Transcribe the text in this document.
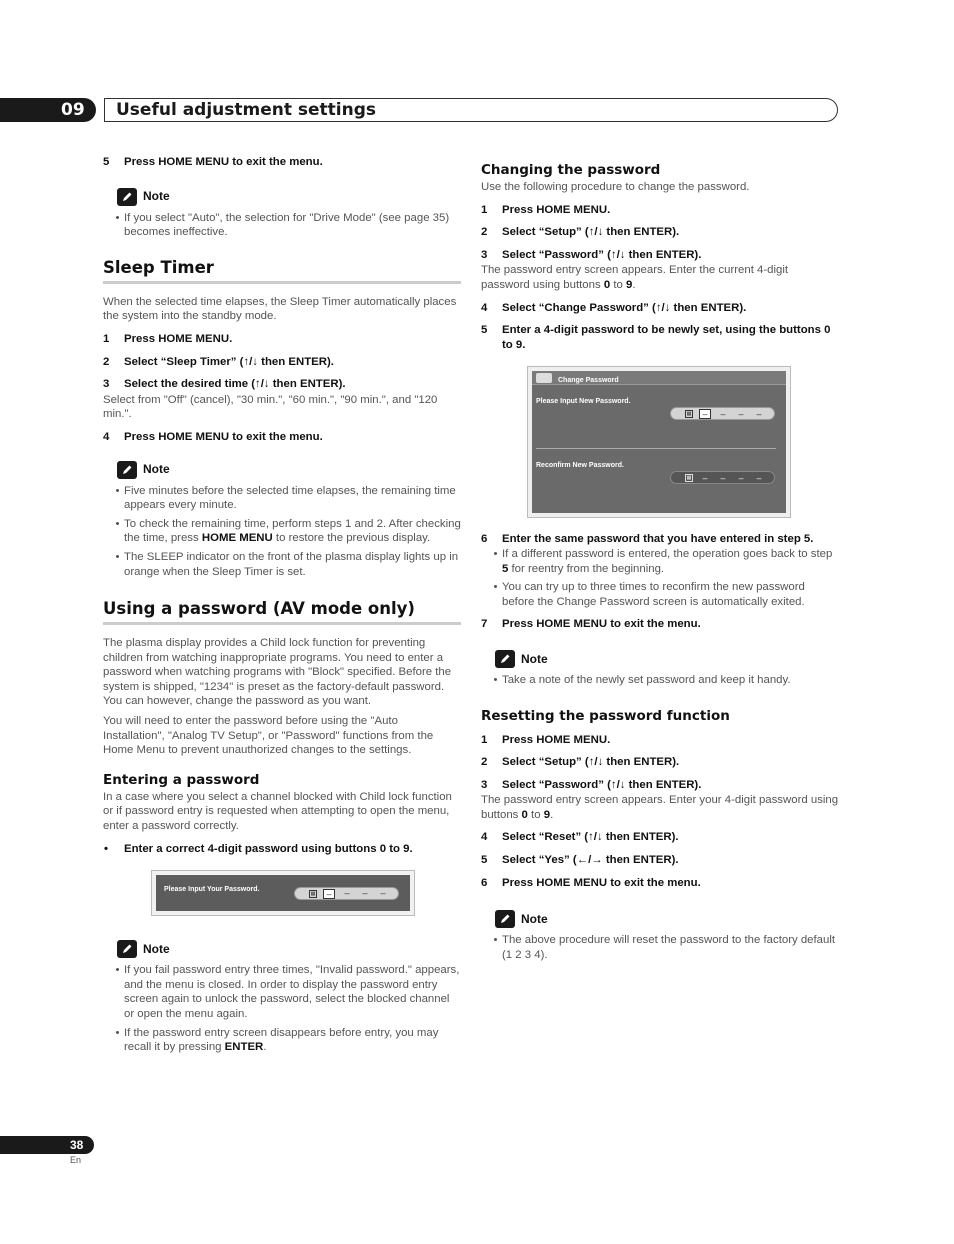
09 Useful adjustment settings
5	Press HOME MENU to exit the menu.
Note
• If you select "Auto", the selection for "Drive Mode" (see page 35) becomes ineffective.
Sleep Timer
When the selected time elapses, the Sleep Timer automatically places the system into the standby mode.
1	Press HOME MENU.
2	Select “Sleep Timer” (↑/↓ then ENTER).
3	Select the desired time (↑/↓ then ENTER).
Select from "Off" (cancel), "30 min.", "60 min.", "90 min.", and "120 min.".
4	Press HOME MENU to exit the menu.
Note
• Five minutes before the selected time elapses, the remaining time appears every minute.
• To check the remaining time, perform steps 1 and 2. After checking the time, press HOME MENU to restore the previous display.
• The SLEEP indicator on the front of the plasma display lights up in orange when the Sleep Timer is set.
Using a password (AV mode only)
The plasma display provides a Child lock function for preventing children from watching inappropriate programs. You need to enter a password when watching programs with "Block" specified. Before the system is shipped, "1234" is preset as the factory-default password. You can however, change the password as you want.
You will need to enter the password before using the "Auto Installation", "Analog TV Setup", or "Password" functions from the Home Menu to prevent unauthorized changes to the settings.
Entering a password
In a case where you select a channel blocked with Child lock function or if password entry is requested when attempting to open the menu, enter a password correctly.
•	Enter a correct 4-digit password using buttons 0 to 9.
Please Input Your Password.
▦	–	–	–	–
Note
• If you fail password entry three times, "Invalid password." appears, and the menu is closed. In order to display the password entry screen again to unlock the password, select the blocked channel or open the menu again.
• If the password entry screen disappears before entry, you may recall it by pressing ENTER.
Changing the password
Use the following procedure to change the password.
1	Press HOME MENU.
2	Select “Setup” (↑/↓ then ENTER).
3	Select “Password” (↑/↓ then ENTER).
The password entry screen appears. Enter the current 4-digit password using buttons 0 to 9.
4	Select “Change Password” (↑/↓ then ENTER).
5	Enter a 4-digit password to be newly set, using the buttons 0 to 9.
Change Password
Please Input New Password.
▦	–	–	–	–
Reconfirm New Password.
▦	–	–	–	–
6	Enter the same password that you have entered in step 5.
• If a different password is entered, the operation goes back to step 5 for reentry from the beginning.
• You can try up to three times to reconfirm the new password before the Change Password screen is automatically exited.
7	Press HOME MENU to exit the menu.
Note
• Take a note of the newly set password and keep it handy.
Resetting the password function
1	Press HOME MENU.
2	Select “Setup” (↑/↓ then ENTER).
3	Select “Password” (↑/↓ then ENTER).
The password entry screen appears. Enter your 4-digit password using buttons 0 to 9.
4	Select “Reset” (↑/↓ then ENTER).
5	Select “Yes” (←/→ then ENTER).
6	Press HOME MENU to exit the menu.
Note
• The above procedure will reset the password to the factory default (1 2 3 4).
38
En
